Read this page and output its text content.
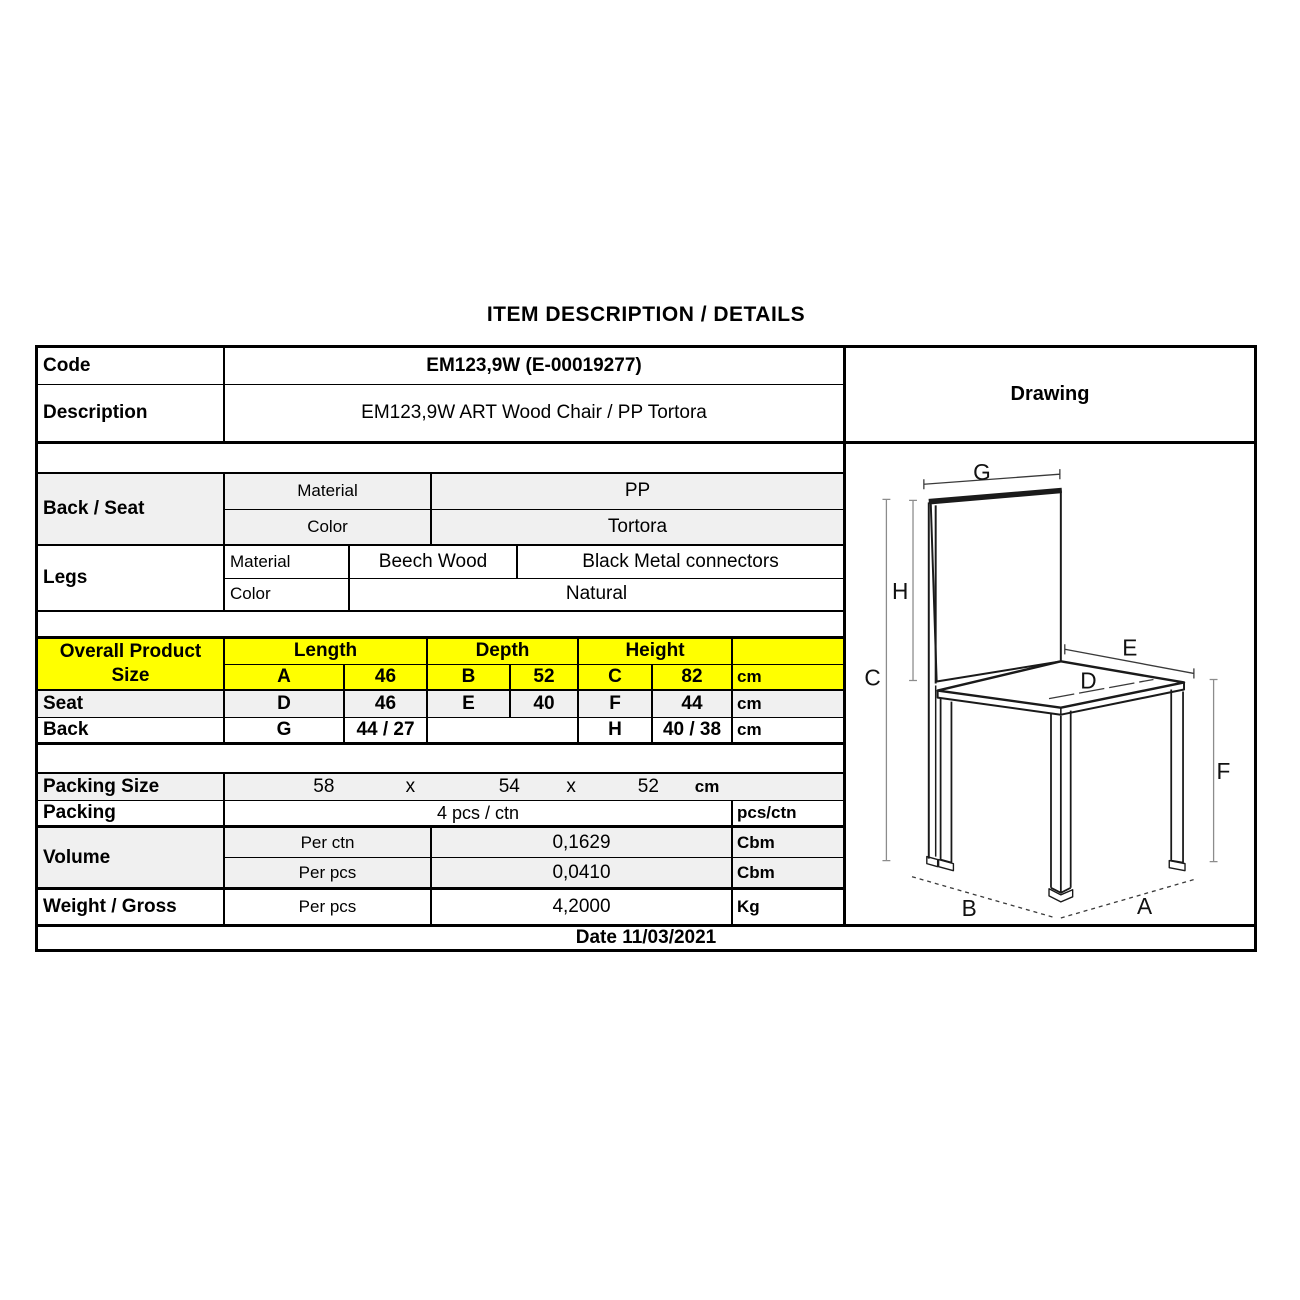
ITEM DESCRIPTION / DETAILS
Code	EM123,9W (E-00019277)
Description	EM123,9W ART Wood Chair / PP Tortora
Back / Seat
Material	PP
Color	Tortora
Legs
Material	Beech Wood	Black Metal connectors
Color	Natural
Overall Product
Size
Length	Depth	Height
A	46	B	52	C	82	cm
Seat	D	46	E	40	F	44	cm
Back	G	44 / 27	H	40 / 38 cm
Packing Size	58	x	54 x	52 cm
Packing	4 pcs / ctn	pcs/ctn
Volume
Per ctn	0,1629	Cbm
Per pcs	0,0410	Cbm
Weight / Gross	Per pcs	4,2000	Kg
Drawing
G
H
C
E
D
F
B	A
Date 11/03/2021
